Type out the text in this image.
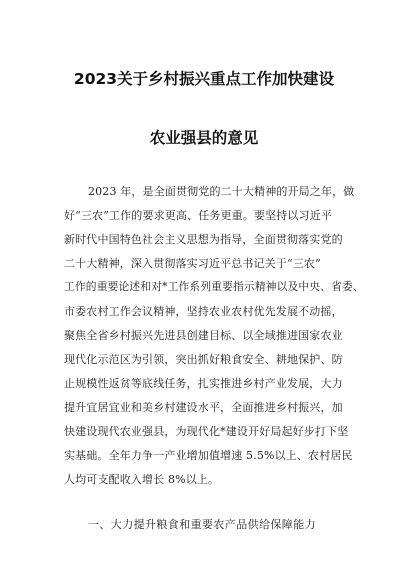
2023关于乡村振兴重点工作加快建设
农业强县的意见
2023 年，是全面贯彻党的二十大精神的开局之年，做
好“三农”工作的要求更高、任务更重。要坚持以习近平
新时代中国特色社会主义思想为指导，全面贯彻落实党的
二十大精神，深入贯彻落实习近平总书记关于“三农”
工作的重要论述和对*工作系列重要指示精神以及中央、省委、
市委农村工作会议精神，坚持农业农村优先发展不动摇，
聚焦全省乡村振兴先进县创建目标、以全域推进国家农业
现代化示范区为引领，突出抓好粮食安全、耕地保护、防
止规模性返贫等底线任务，扎实推进乡村产业发展，大力
提升宜居宜业和美乡村建设水平，全面推进乡村振兴，加
快建设现代农业强县，为现代化*建设开好局起好步打下坚
实基础。全年力争一产业增加值增速 5.5%以上、农村居民
人均可支配收入增长 8%以上。
一、大力提升粮食和重要农产品供给保障能力
